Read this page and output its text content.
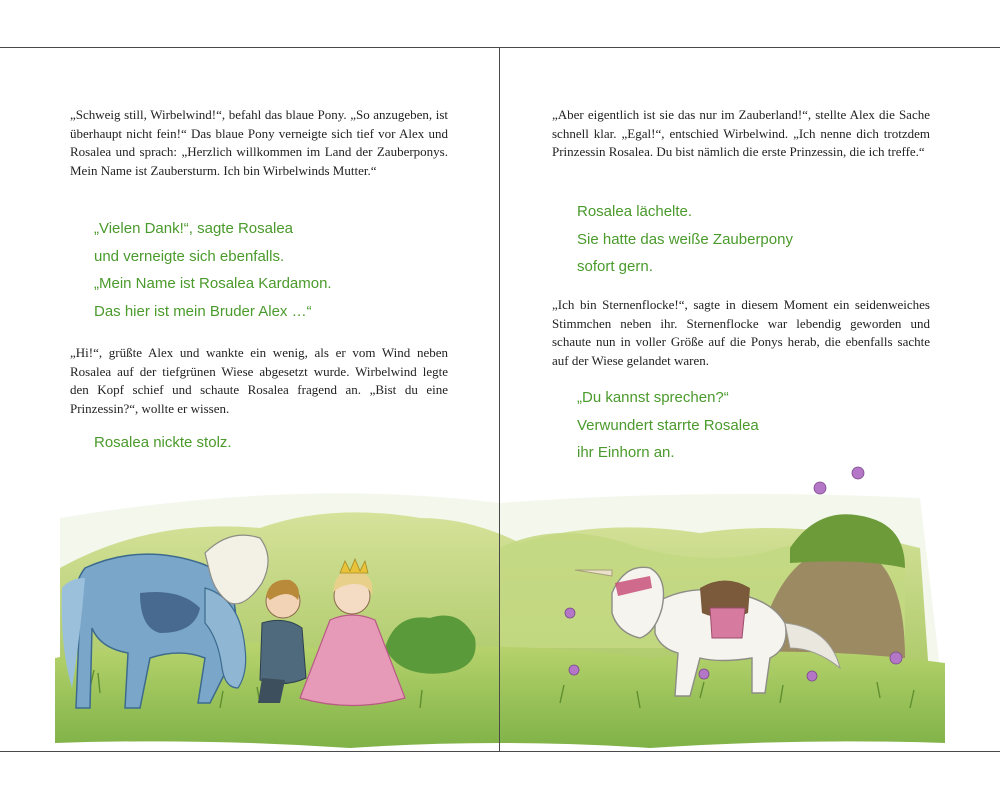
„Schweig still, Wirbelwind!“, befahl das blaue Pony. „So anzugeben, ist überhaupt nicht fein!“ Das blaue Pony verneigte sich tief vor Alex und Rosalea und sprach: „Herzlich willkommen im Land der Zauberponys. Mein Name ist Zaubersturm. Ich bin Wirbelwinds Mutter.“

„Vielen Dank!“, sagte Rosalea
und verneigte sich ebenfalls.
„Mein Name ist Rosalea Kardamon.
Das hier ist mein Bruder Alex …“

„Hi!“, grüßte Alex und wankte ein wenig, als er vom Wind neben Rosalea auf der tiefgrünen Wiese abgesetzt wurde. Wirbelwind legte den Kopf schief und schaute Rosalea fragend an. „Bist du eine Prinzessin?“, wollte er wissen.

Rosalea nickte stolz.

„Aber eigentlich ist sie das nur im Zauberland!“, stellte Alex die Sache schnell klar. „Egal!“, entschied Wirbelwind. „Ich nenne dich trotzdem Prinzessin Rosalea. Du bist nämlich die erste Prinzessin, die ich treffe.“

Rosalea lächelte.
Sie hatte das weiße Zauberpony
sofort gern.

„Ich bin Sternenflocke!“, sagte in diesem Moment ein seidenweiches Stimmchen neben ihr. Sternenflocke war lebendig geworden und schaute nun in voller Größe auf die Ponys herab, die ebenfalls sachte auf der Wiese gelandet waren.

„Du kannst sprechen?“
Verwundert starrte Rosalea
ihr Einhorn an.
